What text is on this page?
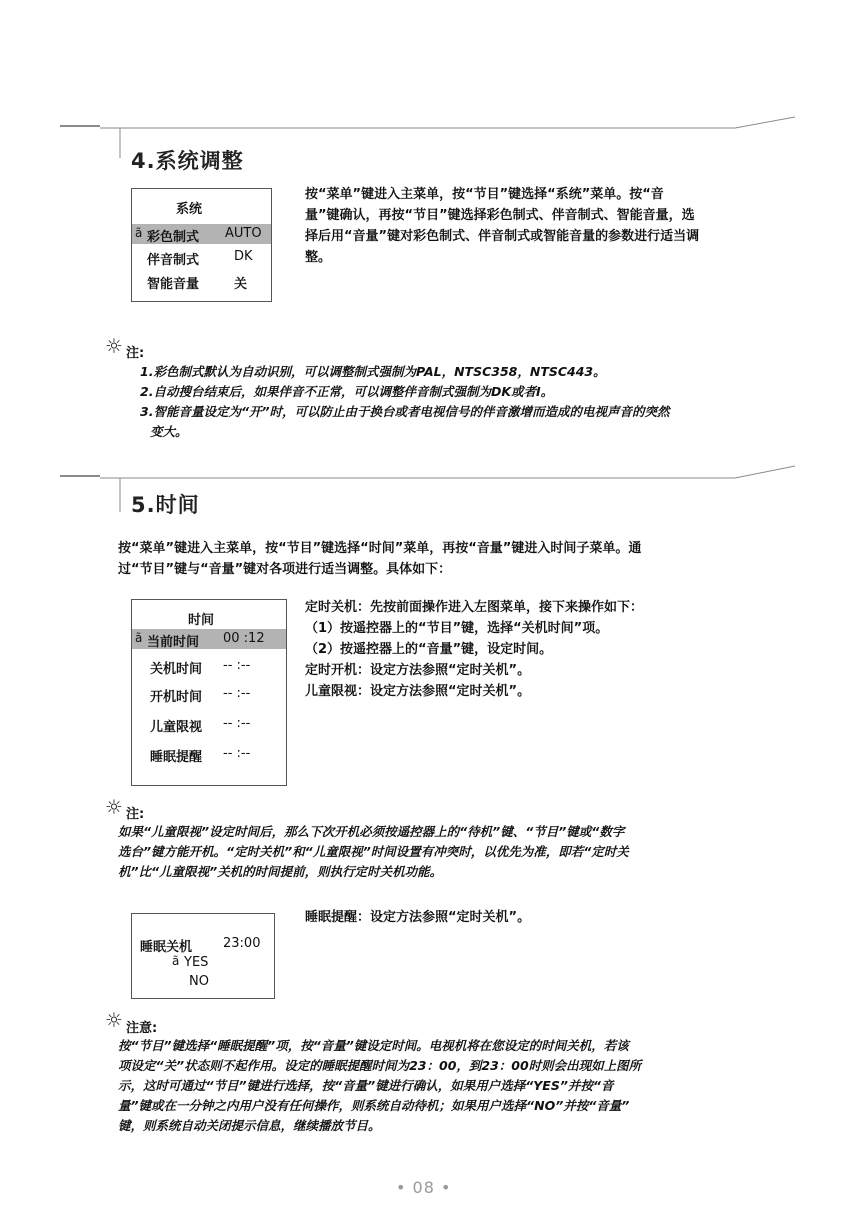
4.系统调整
系统
ã 彩色制式 AUTO
伴音制式	DK
智能音量	关
按“菜单”键进入主菜单，按“节目”键选择“系统”菜单。按“音
量”键确认，再按“节目”键选择彩色制式、伴音制式、智能音量，选
择后用“音量”键对彩色制式、伴音制式或智能音量的参数进行适当调
整。
☼ 注:
1.彩色制式默认为自动识别，可以调整制式强制为PAL，NTSC358，NTSC443。
2.自动搜台结束后，如果伴音不正常，可以调整伴音制式强制为DK或者I。
3.智能音量设定为“开”时，可以防止由于换台或者电视信号的伴音激增而造成的电视声音的突然
变大。
5.时间
按“菜单”键进入主菜单，按“节目”键选择“时间”菜单，再按“音量”键进入时间子菜单。通
过“节目”键与“音量”键对各项进行适当调整。具体如下：
时间
ã 当前时间 00 :12
关机时间 -- :--
开机时间 -- :--
儿童限视 -- :--
睡眠提醒 -- :--
定时关机：先按前面操作进入左图菜单，接下来操作如下：
（1）按遥控器上的“节目”键，选择“关机时间”项。
（2）按遥控器上的“音量”键，设定时间。
定时开机：设定方法参照“定时关机”。
儿童限视：设定方法参照“定时关机”。
☼ 注:
如果“儿童限视”设定时间后，那么下次开机必须按遥控器上的“待机”键、“节目”键或“数字
选台”键方能开机。“定时关机”和“儿童限视”时间设置有冲突时，以优先为准，即若“定时关
机”比“儿童限视”关机的时间提前，则执行定时关机功能。
睡眠关机 23:00
ã YES
NO
睡眠提醒：设定方法参照“定时关机”。
☼ 注意:
按“节目”键选择“睡眠提醒”项，按“音量”键设定时间。电视机将在您设定的时间关机，若该
项设定“关”状态则不起作用。设定的睡眠提醒时间为23：00，到23：00时则会出现如上图所
示，这时可通过“节目”键进行选择，按“音量”键进行确认，如果用户选择“YES”并按“音
量”键或在一分钟之内用户没有任何操作，则系统自动待机；如果用户选择“NO”并按“音量”
键，则系统自动关闭提示信息，继续播放节目。
• 08 •
